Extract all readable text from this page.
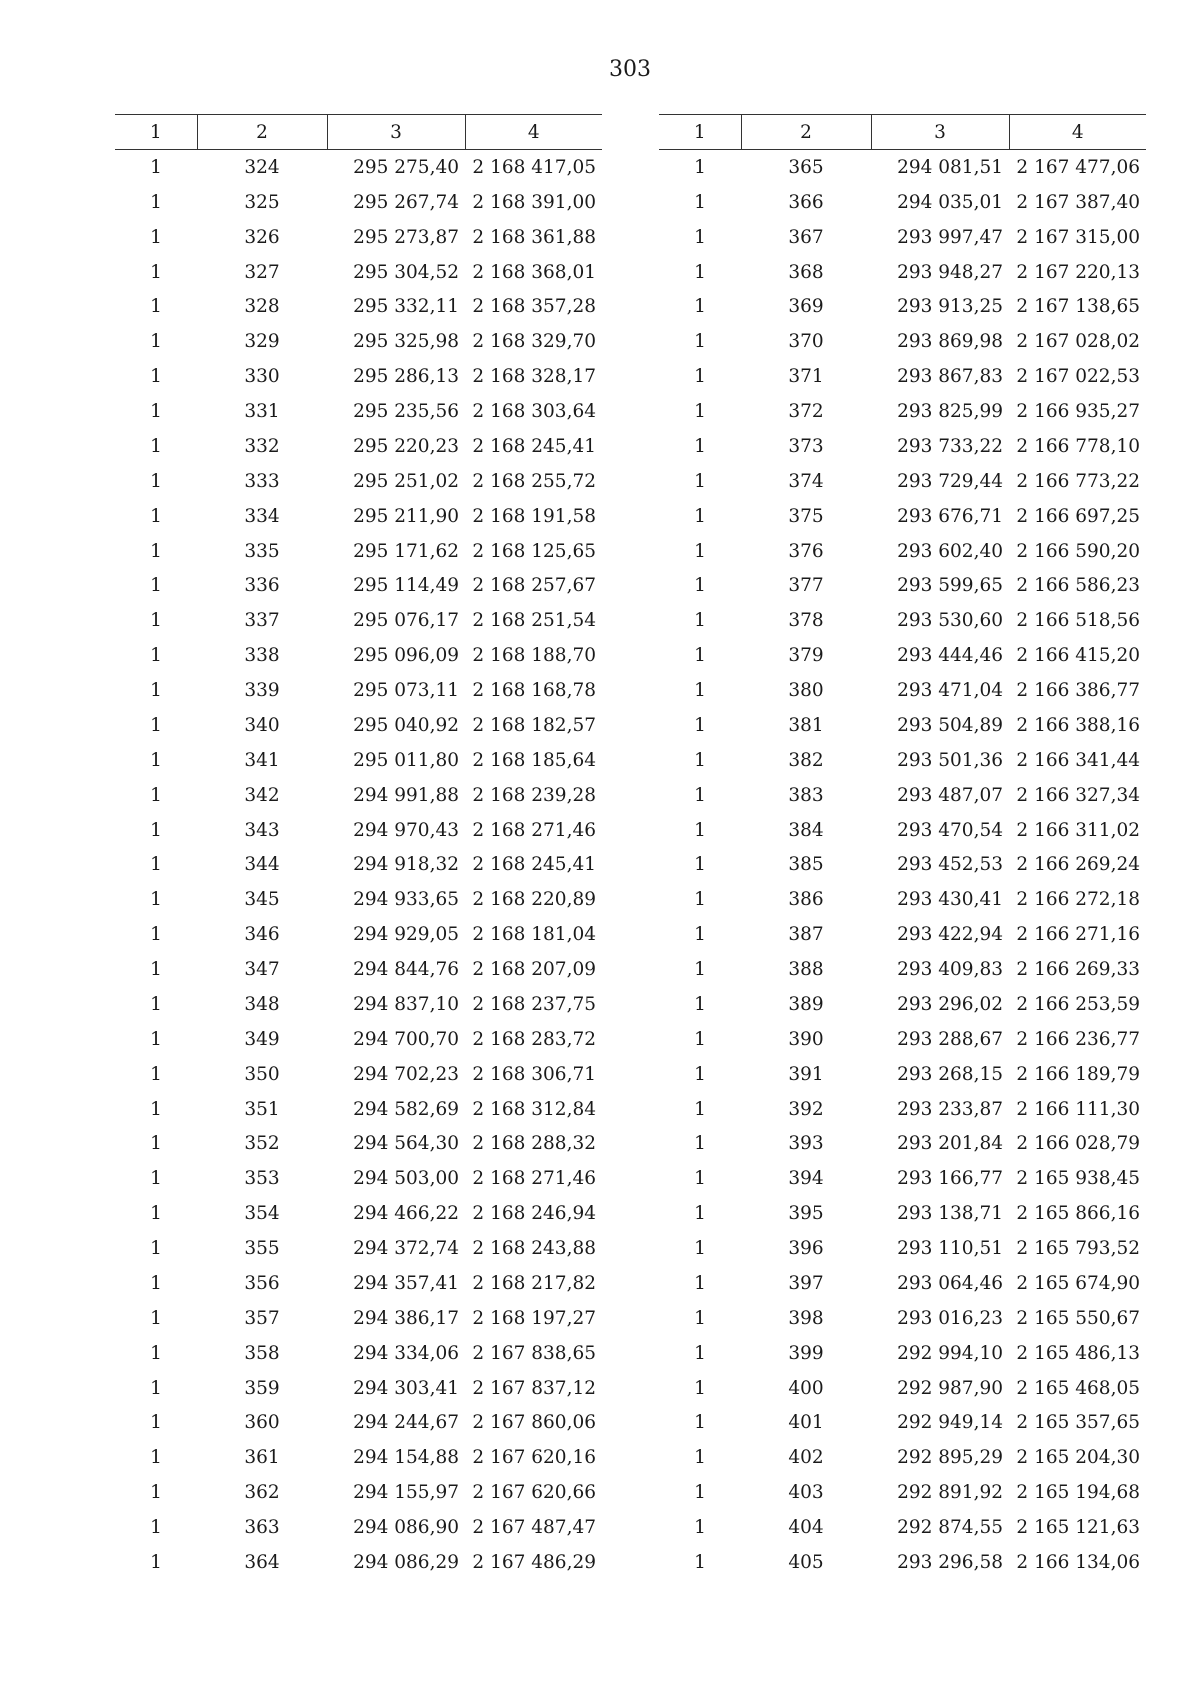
303
1	2	3	4
1	324	295 275,40	2 168 417,05
1	325	295 267,74	2 168 391,00
1	326	295 273,87	2 168 361,88
1	327	295 304,52	2 168 368,01
1	328	295 332,11	2 168 357,28
1	329	295 325,98	2 168 329,70
1	330	295 286,13	2 168 328,17
1	331	295 235,56	2 168 303,64
1	332	295 220,23	2 168 245,41
1	333	295 251,02	2 168 255,72
1	334	295 211,90	2 168 191,58
1	335	295 171,62	2 168 125,65
1	336	295 114,49	2 168 257,67
1	337	295 076,17	2 168 251,54
1	338	295 096,09	2 168 188,70
1	339	295 073,11	2 168 168,78
1	340	295 040,92	2 168 182,57
1	341	295 011,80	2 168 185,64
1	342	294 991,88	2 168 239,28
1	343	294 970,43	2 168 271,46
1	344	294 918,32	2 168 245,41
1	345	294 933,65	2 168 220,89
1	346	294 929,05	2 168 181,04
1	347	294 844,76	2 168 207,09
1	348	294 837,10	2 168 237,75
1	349	294 700,70	2 168 283,72
1	350	294 702,23	2 168 306,71
1	351	294 582,69	2 168 312,84
1	352	294 564,30	2 168 288,32
1	353	294 503,00	2 168 271,46
1	354	294 466,22	2 168 246,94
1	355	294 372,74	2 168 243,88
1	356	294 357,41	2 168 217,82
1	357	294 386,17	2 168 197,27
1	358	294 334,06	2 167 838,65
1	359	294 303,41	2 167 837,12
1	360	294 244,67	2 167 860,06
1	361	294 154,88	2 167 620,16
1	362	294 155,97	2 167 620,66
1	363	294 086,90	2 167 487,47
1	364	294 086,29	2 167 486,29
1	2	3	4
1	365	294 081,51	2 167 477,06
1	366	294 035,01	2 167 387,40
1	367	293 997,47	2 167 315,00
1	368	293 948,27	2 167 220,13
1	369	293 913,25	2 167 138,65
1	370	293 869,98	2 167 028,02
1	371	293 867,83	2 167 022,53
1	372	293 825,99	2 166 935,27
1	373	293 733,22	2 166 778,10
1	374	293 729,44	2 166 773,22
1	375	293 676,71	2 166 697,25
1	376	293 602,40	2 166 590,20
1	377	293 599,65	2 166 586,23
1	378	293 530,60	2 166 518,56
1	379	293 444,46	2 166 415,20
1	380	293 471,04	2 166 386,77
1	381	293 504,89	2 166 388,16
1	382	293 501,36	2 166 341,44
1	383	293 487,07	2 166 327,34
1	384	293 470,54	2 166 311,02
1	385	293 452,53	2 166 269,24
1	386	293 430,41	2 166 272,18
1	387	293 422,94	2 166 271,16
1	388	293 409,83	2 166 269,33
1	389	293 296,02	2 166 253,59
1	390	293 288,67	2 166 236,77
1	391	293 268,15	2 166 189,79
1	392	293 233,87	2 166 111,30
1	393	293 201,84	2 166 028,79
1	394	293 166,77	2 165 938,45
1	395	293 138,71	2 165 866,16
1	396	293 110,51	2 165 793,52
1	397	293 064,46	2 165 674,90
1	398	293 016,23	2 165 550,67
1	399	292 994,10	2 165 486,13
1	400	292 987,90	2 165 468,05
1	401	292 949,14	2 165 357,65
1	402	292 895,29	2 165 204,30
1	403	292 891,92	2 165 194,68
1	404	292 874,55	2 165 121,63
1	405	293 296,58	2 166 134,06
